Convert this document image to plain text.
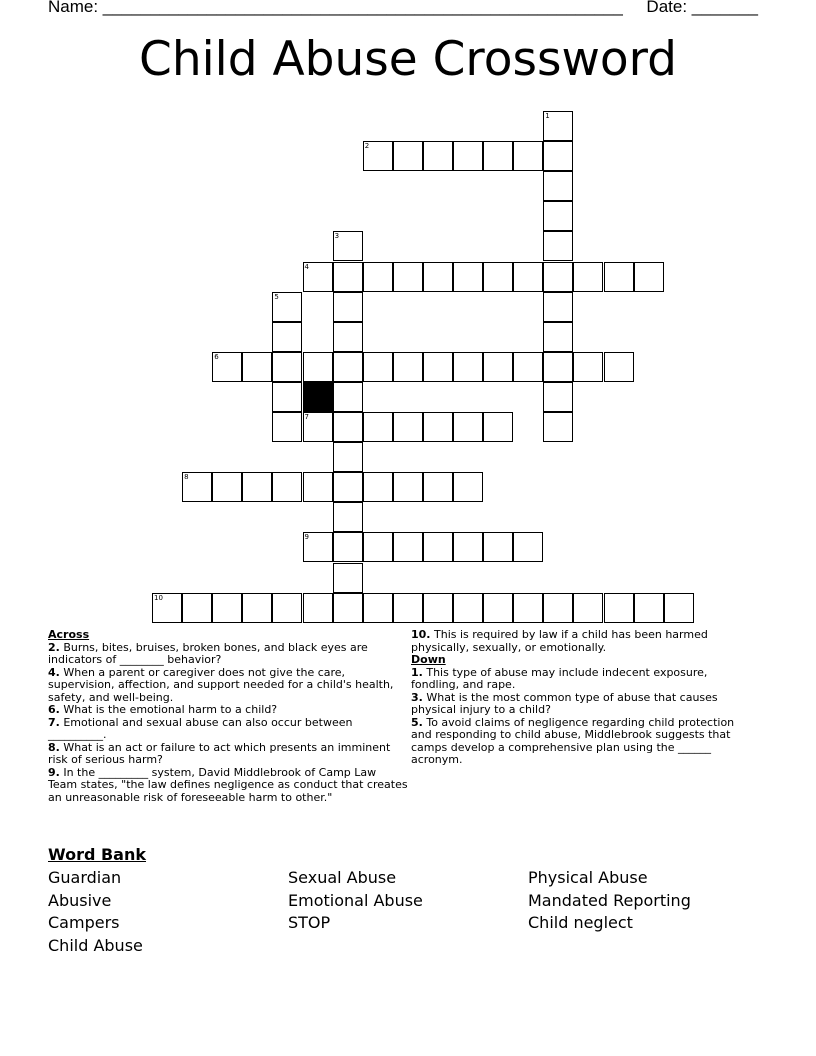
Name: _______________________________________________________     Date: _______
Child Abuse Crossword
1
2
3
4
5
6
7
8
9
10
Across

2. Burns, bites, bruises, broken bones, and black eyes are indicators of ________ behavior?

4. When a parent or caregiver does not give the care, supervision, affection, and support needed for a child's health, safety, and well-being.

6. What is the emotional harm to a child?

7. Emotional and sexual abuse can also occur between __________.

8. What is an act or failure to act which presents an imminent risk of serious harm?

9. In the _________ system, David Middlebrook of Camp Law Team states, "the law defines negligence as conduct that creates an unreasonable risk of foreseeable harm to other."

10. This is required by law if a child has been harmed physically, sexually, or emotionally.

Down

1. This type of abuse may include indecent exposure, fondling, and rape.

3. What is the most common type of abuse that causes physical injury to a child?

5. To avoid claims of negligence regarding child protection and responding to child abuse, Middlebrook suggests that camps develop a comprehensive plan using the ______ acronym.

Word Bank
Guardian	Sexual Abuse	Physical Abuse
Abusive	Emotional Abuse	Mandated Reporting
Campers	STOP	Child neglect
Child Abuse
